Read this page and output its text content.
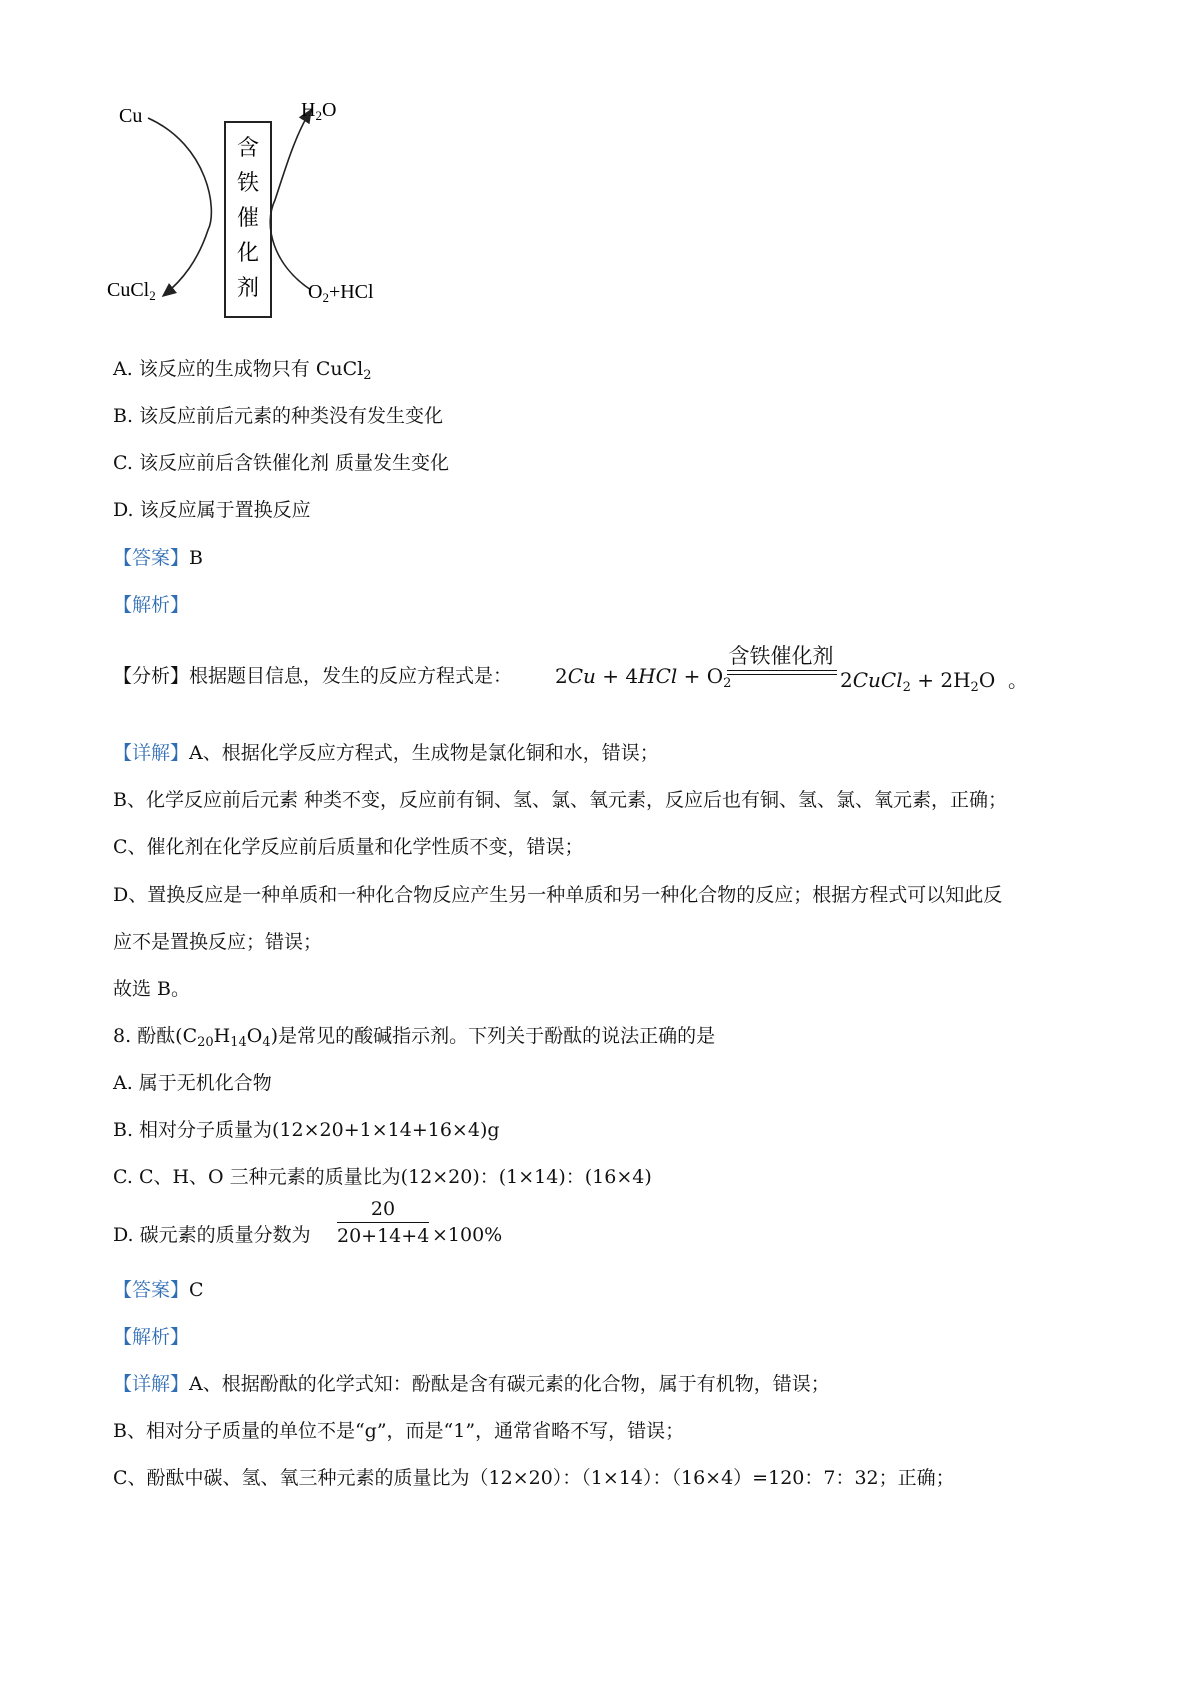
含
铁
催
化
剂
Cu
CuCl$_2$
$H_2O$
$O_2+HCl$
A. 该反应的生成物只有 CuCl$_2$
B. 该反应前后元素的种类没有发生变化
C. 该反应前后含铁催化剂 质量发生变化
D. 该反应属于置换反应
【答案】B
【解析】
【分析】根据题目信息，发生的反应方程式是： $2Cu + 4HCl + O_2$
含铁催化剂
2CuCl$_2$ + $2H_2O$  。
【详解】A、根据化学反应方程式，生成物是氯化铜和水，错误；
B、化学反应前后元素 种类不变，反应前有铜、氢、氯、氧元素，反应后也有铜、氢、氯、氧元素，正确；
C、催化剂在化学反应前后质量和化学性质不变，错误；
D、置换反应是一种单质和一种化合物反应产生另一种单质和另一种化合物的反应；根据方程式可以知此反
应不是置换反应；错误；
故选 B。
8. 酚酞$(C_{20}H_{14}O_4)$是常见的酸碱指示剂。下列关于酚酞的说法正确的是
A. 属于无机化合物
B. 相对分子质量为(12×20+1×14+16×4)g
C. C、H、O 三种元素的质量比为(12×20)：(1×14)：(16×4)
D. 碳元素的质量分数为
20
20+14+4 ×100%
【答案】C
【解析】
【详解】A、根据酚酞的化学式知：酚酞是含有碳元素的化合物，属于有机物，错误；
B、相对分子质量的单位不是“g”，而是“1”，通常省略不写，错误；
C、酚酞中碳、氢、氧三种元素的质量比为（12×20）：（1×14）：（16×4）=120：7：32；正确；
